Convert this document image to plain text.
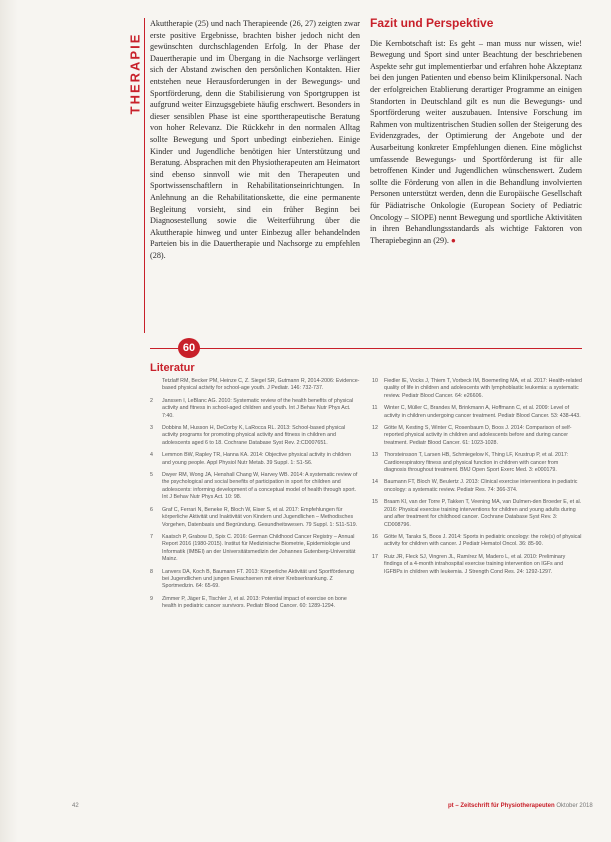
THERAPIE

Akuttherapie (25) und nach Therapieende (26, 27) zeigten zwar erste positive Ergebnisse, brachten bisher jedoch nicht den gewünschten durchschlagenden Erfolg. In der Phase der Dauertherapie und im Übergang in die Nachsorge verlängert sich der Abstand zwischen den persönlichen Kontakten. Hier entstehen neue Herausforderungen in der Bewegungs- und Sportförderung, denn die Stabilisierung von Sportgruppen ist aufgrund weiter Einzugsgebiete häufig erschwert. Besonders in dieser sensiblen Phase ist eine sporttherapeutische Beratung von hoher Relevanz. Die Rückkehr in den normalen Alltag sollte Bewegung und Sport unbedingt einbeziehen. Einige Kinder und Jugendliche benötigen hier Unterstützung und Beratung. Absprachen mit den Physiotherapeuten am Heimatort sind ebenso sinnvoll wie mit den Therapeuten und Sportwissenschaftlern in Rehabilitationseinrichtungen. In Anlehnung an die Rehabilitationskette, die eine permanente Begleitung vorsieht, sind ein früher Beginn bei Diagnosestellung sowie die Weiterführung über die Akuttherapie hinweg und unter Einbezug aller behandelnden Parteien bis in die Dauertherapie und Nachsorge zu empfehlen (28).

Fazit und Perspektive

Die Kernbotschaft ist: Es geht – man muss nur wissen, wie! Bewegung und Sport sind unter Beachtung der beschriebenen Aspekte sehr gut implementierbar und erfahren hohe Akzeptanz bei den jungen Patienten und ebenso beim Klinikpersonal. Nach der erfolgreichen Etablierung derartiger Programme an einigen Standorten in Deutschland gilt es nun die Bewegungs- und Sportförderung weiter auszubauen. Intensive Forschung im Rahmen von multizentrischen Studien sollen der Steigerung des Evidenzgrades, der Optimierung der Angebote und der Ausarbeitung konkreter Empfehlungen dienen. Eine möglichst umfassende Bewegungs- und Sportförderung ist für alle betroffenen Kinder und Jugendlichen wünschenswert. Zudem sollte die Förderung von allen in die Behandlung involvierten Personen unterstützt werden, denn die Europäische Gesellschaft für Pädiatrische Onkologie (European Society of Pediatric Oncology – SIOPE) nennt Bewegung und sportliche Aktivitäten in ihren Behandlungsstandards als wichtige Faktoren von Therapiebeginn an (29). ●

60
Literatur
Tetzlaff RM, Becker PM, Heinze C, Z. Siegel SR, Gutmann R, 2014-2006: Evidence-based physical activity for school-age youth. J Pediatr. 146: 732-737.
2	Janssen I, LeBlanc AG. 2010: Systematic review of the health benefits of physical activity and fitness in school-aged children and youth. Int J Behav Nutr Phys Act. 7:40.
3	Dobbins M, Husson H, DeCorby K, LaRocca RL. 2013: School-based physical activity programs for promoting physical activity and fitness in children and adolescents aged 6 to 18. Cochrane Database Syst Rev. 2:CD007651.
4	Lemmon BW, Rapley TR, Hanna KA. 2014: Objective physical activity in children and young people. Appl Physiol Nutr Metab. 39 Suppl. 1: S1-S6.
5	Dwyer RM, Wong JA, Henshall Chang W, Harvey WB. 2014: A systematic review of the psychological and social benefits of participation in sport for children and adolescents: informing development of a conceptual model of health through sport. Int J Behav Nutr Phys Act. 10: 98.
6	Graf C, Ferrari N, Beneke R, Bloch W, Eiser S, et al. 2017: Empfehlungen für körperliche Aktivität und Inaktivität von Kindern und Jugendlichen – Methodisches Vorgehen, Datenbasis und Begründung. Gesundheitswesen. 79 Suppl. 1: S11-S19.
7	Kaatsch P, Grabow D, Spix C. 2016: German Childhood Cancer Registry – Annual Report 2016 (1980-2015). Institut für Medizinische Biometrie, Epidemiologie und Informatik (IMBEI) an der Universitätsmedizin der Johannes Gutenberg-Universität Mainz.
8	Lanvers DA, Koch B, Baumann FT. 2013: Körperliche Aktivität und Sportförderung bei Jugendlichen und jungen Erwachsenen mit einer Krebserkrankung. Z Sportmedizin. 64: 65-69.
9	Zimmer P, Jäger E, Tischler J, et al. 2013: Potential impact of exercise on bone health in pediatric cancer survivors. Pediatr Blood Cancer. 60: 1289-1294.
10	Fiedler IE, Vocks J, Thiem T, Vorbeck IM, Boemerling MA, et al. 2017: Health-related quality of life in children and adolescents with lymphoblastic leukemia: a systematic review. Pediatr Blood Cancer. 64: e26606.
11	Winter C, Müller C, Brandes M, Brinkmann A, Hoffmann C, et al. 2009: Level of activity in children undergoing cancer treatment. Pediatr Blood Cancer. 53: 438-443.
12	Götte M, Kesting S, Winter C, Rosenbaum D, Boos J. 2014: Comparison of self-reported physical activity in children and adolescents before and during cancer treatment. Pediatr Blood Cancer. 61: 1023-1028.
13	Thorsteinsson T, Larsen HB, Schmiegelow K, Thing LF, Krustrup P, et al. 2017: Cardiorespiratory fitness and physical function in children with cancer from diagnosis throughout treatment. BMJ Open Sport Exerc Med. 3: e000179.
14	Baumann FT, Bloch W, Beulertz J. 2013: Clinical exercise interventions in pediatric oncology: a systematic review. Pediatr Res. 74: 366-374.
15	Braam KI, van der Torre P, Takken T, Veening MA, van Dulmen-den Broeder E, et al. 2016: Physical exercise training interventions for children and young adults during and after treatment for childhood cancer. Cochrane Database Syst Rev. 3: CD008796.
16	Götte M, Taraks S, Boos J. 2014: Sports in pediatric oncology: the role(s) of physical activity for children with cancer. J Pediatr Hematol Oncol. 36: 85-90.
17	Ruiz JR, Fleck SJ, Vingren JL, Ramírez M, Madero L, et al. 2010: Preliminary findings of a 4-month intrahospital exercise training intervention on IGFs and IGFBPs in children with leukemia. J Strength Cond Res. 24: 1292-1297.
42	pt – Zeitschrift für Physiotherapeuten Oktober 2018
